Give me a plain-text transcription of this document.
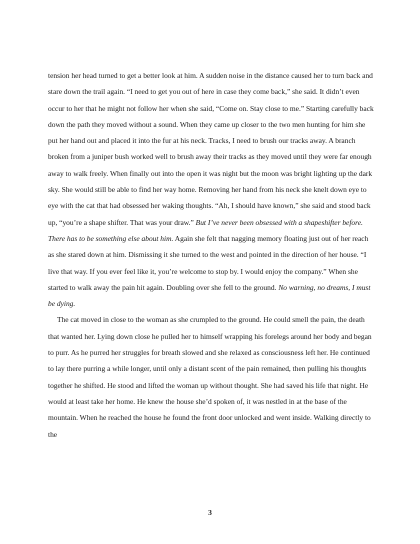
tension her head turned to get a better look at him. A sudden noise in the distance caused her to turn back and stare down the trail again. “I need to get you out of here in case they come back,” she said. It didn’t even occur to her that he might not follow her when she said, “Come on. Stay close to me.” Starting carefully back down the path they moved without a sound. When they came up closer to the two men hunting for him she put her hand out and placed it into the fur at his neck. Tracks, I need to brush our tracks away. A branch broken from a juniper bush worked well to brush away their tracks as they moved until they were far enough away to walk freely. When finally out into the open it was night but the moon was bright lighting up the dark sky. She would still be able to find her way home. Removing her hand from his neck she knelt down eye to eye with the cat that had obsessed her waking thoughts. “Ah, I should have known,” she said and stood back up, “you’re a shape shifter. That was your draw.” But I’ve never been obsessed with a shapeshifter before. There has to be something else about him. Again she felt that nagging memory floating just out of her reach as she stared down at him. Dismissing it she turned to the west and pointed in the direction of her house. “I live that way. If you ever feel like it, you’re welcome to stop by. I would enjoy the company.” When she started to walk away the pain hit again. Doubling over she fell to the ground. No warning, no dreams, I must be dying.

The cat moved in close to the woman as she crumpled to the ground. He could smell the pain, the death that wanted her. Lying down close he pulled her to himself wrapping his forelegs around her body and began to purr. As he purred her struggles for breath slowed and she relaxed as consciousness left her. He continued to lay there purring a while longer, until only a distant scent of the pain remained, then pulling his thoughts together he shifted. He stood and lifted the woman up without thought. She had saved his life that night. He would at least take her home. He knew the house she’d spoken of, it was nestled in at the base of the mountain. When he reached the house he found the front door unlocked and went inside. Walking directly to the

3
